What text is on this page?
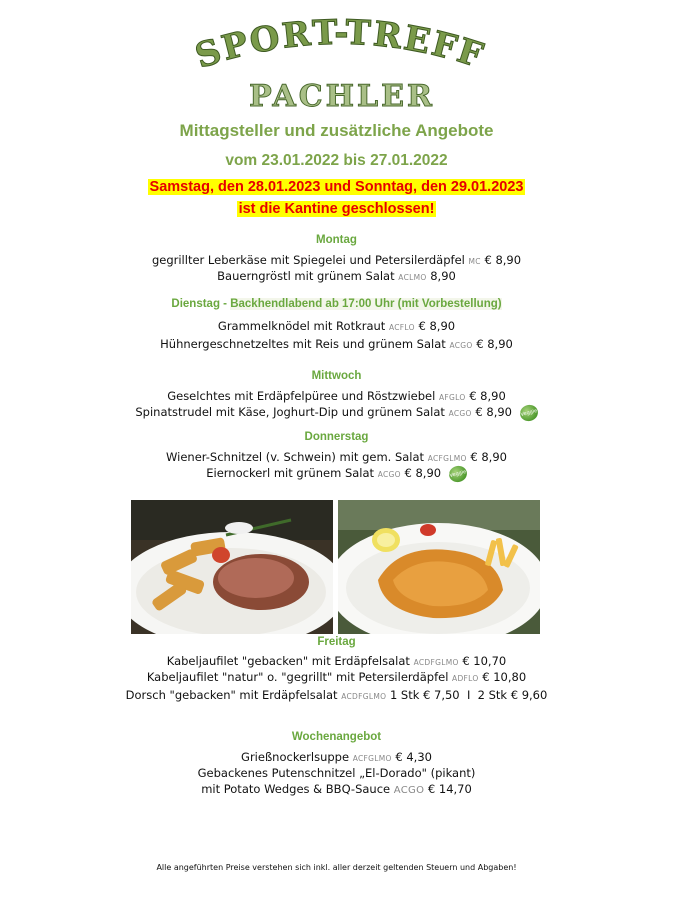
SPORT-TREFF
PACHLER
Mittagsteller und zusätzliche Angebote
vom 23.01.2022 bis 27.01.2022
Samstag, den 28.01.2023 und Sonntag, den 29.01.2023
ist die Kantine geschlossen!
Montag
gegrillter Leberkäse mit Spiegelei und Petersilerdäpfel MC € 8,90
Bauerngröstl mit grünem Salat ACLMO 8,90
Dienstag - Backhendlabend ab 17:00 Uhr (mit Vorbestellung)
Grammelknödel mit Rotkraut ACFLO € 8,90
Hühnergeschnetzeltes mit Reis und grünem Salat ACGO € 8,90
Mittwoch
Geselchtes mit Erdäpfelpüree und Röstzwiebel AFGLO € 8,90
Spinatstrudel mit Käse, Joghurt-Dip und grünem Salat ACGO € 8,90 Veggie
Donnerstag
Wiener-Schnitzel (v. Schwein) mit gem. Salat ACFGLMO € 8,90
Eiernockerl mit grünem Salat ACGO € 8,90 Veggie
Freitag
Kabeljaufilet "gebacken" mit Erdäpfelsalat ACDFGLMO € 10,70
Kabeljaufilet "natur" o. "gegrillt" mit Petersilerdäpfel ADFLO € 10,80
Dorsch "gebacken" mit Erdäpfelsalat ACDFGLMO 1 Stk € 7,50  I  2 Stk € 9,60
Wochenangebot
Grießnockerlsuppe ACFGLMO € 4,30
Gebackenes Putenschnitzel „El-Dorado" (pikant)
mit Potato Wedges & BBQ-Sauce ACGO € 14,70
Alle angeführten Preise verstehen sich inkl. aller derzeit geltenden Steuern und Abgaben!
